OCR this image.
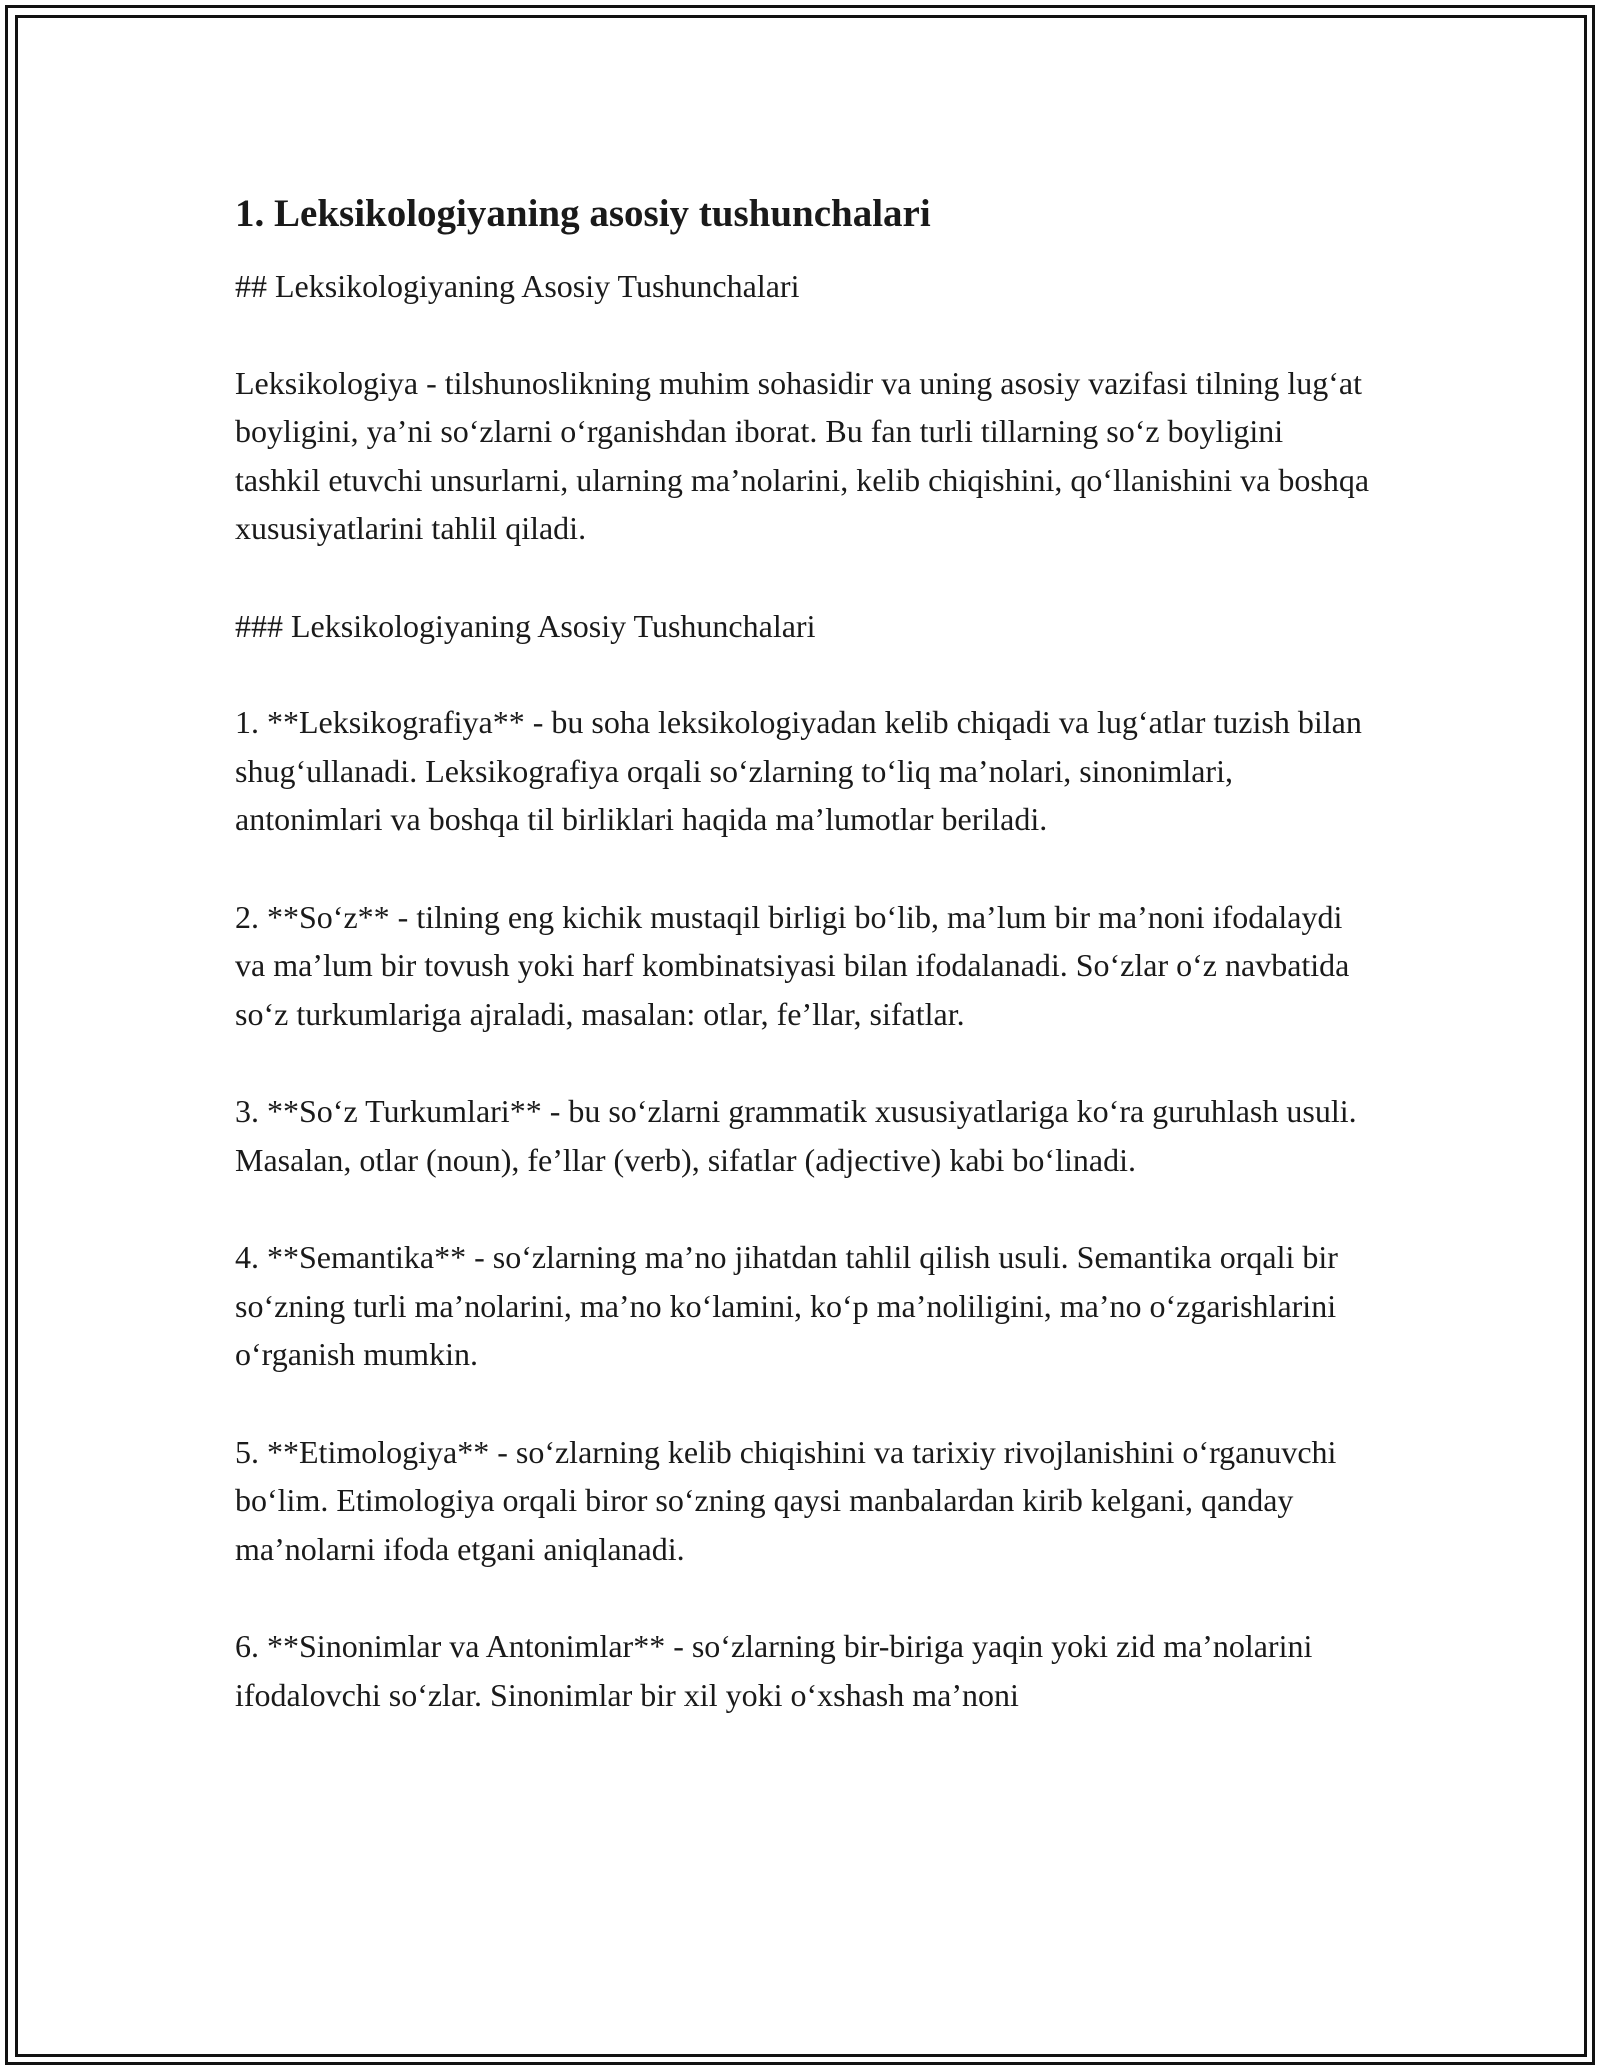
1. Leksikologiyaning asosiy tushunchalari

## Leksikologiyaning Asosiy Tushunchalari

Leksikologiya - tilshunoslikning muhim sohasidir va uning asosiy vazifasi tilning lug‘at boyligini, ya’ni so‘zlarni o‘rganishdan iborat. Bu fan turli tillarning so‘z boyligini tashkil etuvchi unsurlarni, ularning ma’nolarini, kelib chiqishini, qo‘llanishini va boshqa xususiyatlarini tahlil qiladi.

### Leksikologiyaning Asosiy Tushunchalari

1. **Leksikografiya** - bu soha leksikologiyadan kelib chiqadi va lug‘atlar tuzish bilan shug‘ullanadi. Leksikografiya orqali so‘zlarning to‘liq ma’nolari, sinonimlari, antonimlari va boshqa til birliklari haqida ma’lumotlar beriladi.

2. **So‘z** - tilning eng kichik mustaqil birligi bo‘lib, ma’lum bir ma’noni ifodalaydi va ma’lum bir tovush yoki harf kombinatsiyasi bilan ifodalanadi. So‘zlar o‘z navbatida so‘z turkumlariga ajraladi, masalan: otlar, fe’llar, sifatlar.

3. **So‘z Turkumlari** - bu so‘zlarni grammatik xususiyatlariga ko‘ra guruhlash usuli. Masalan, otlar (noun), fe’llar (verb), sifatlar (adjective) kabi bo‘linadi.

4. **Semantika** - so‘zlarning ma’no jihatdan tahlil qilish usuli. Semantika orqali bir so‘zning turli ma’nolarini, ma’no ko‘lamini, ko‘p ma’noliligini, ma’no o‘zgarishlarini o‘rganish mumkin.

5. **Etimologiya** - so‘zlarning kelib chiqishini va tarixiy rivojlanishini o‘rganuvchi bo‘lim. Etimologiya orqali biror so‘zning qaysi manbalardan kirib kelgani, qanday ma’nolarni ifoda etgani aniqlanadi.

6. **Sinonimlar va Antonimlar** - so‘zlarning bir-biriga yaqin yoki zid ma’nolarini ifodalovchi so‘zlar. Sinonimlar bir xil yoki o‘xshash ma’noni
